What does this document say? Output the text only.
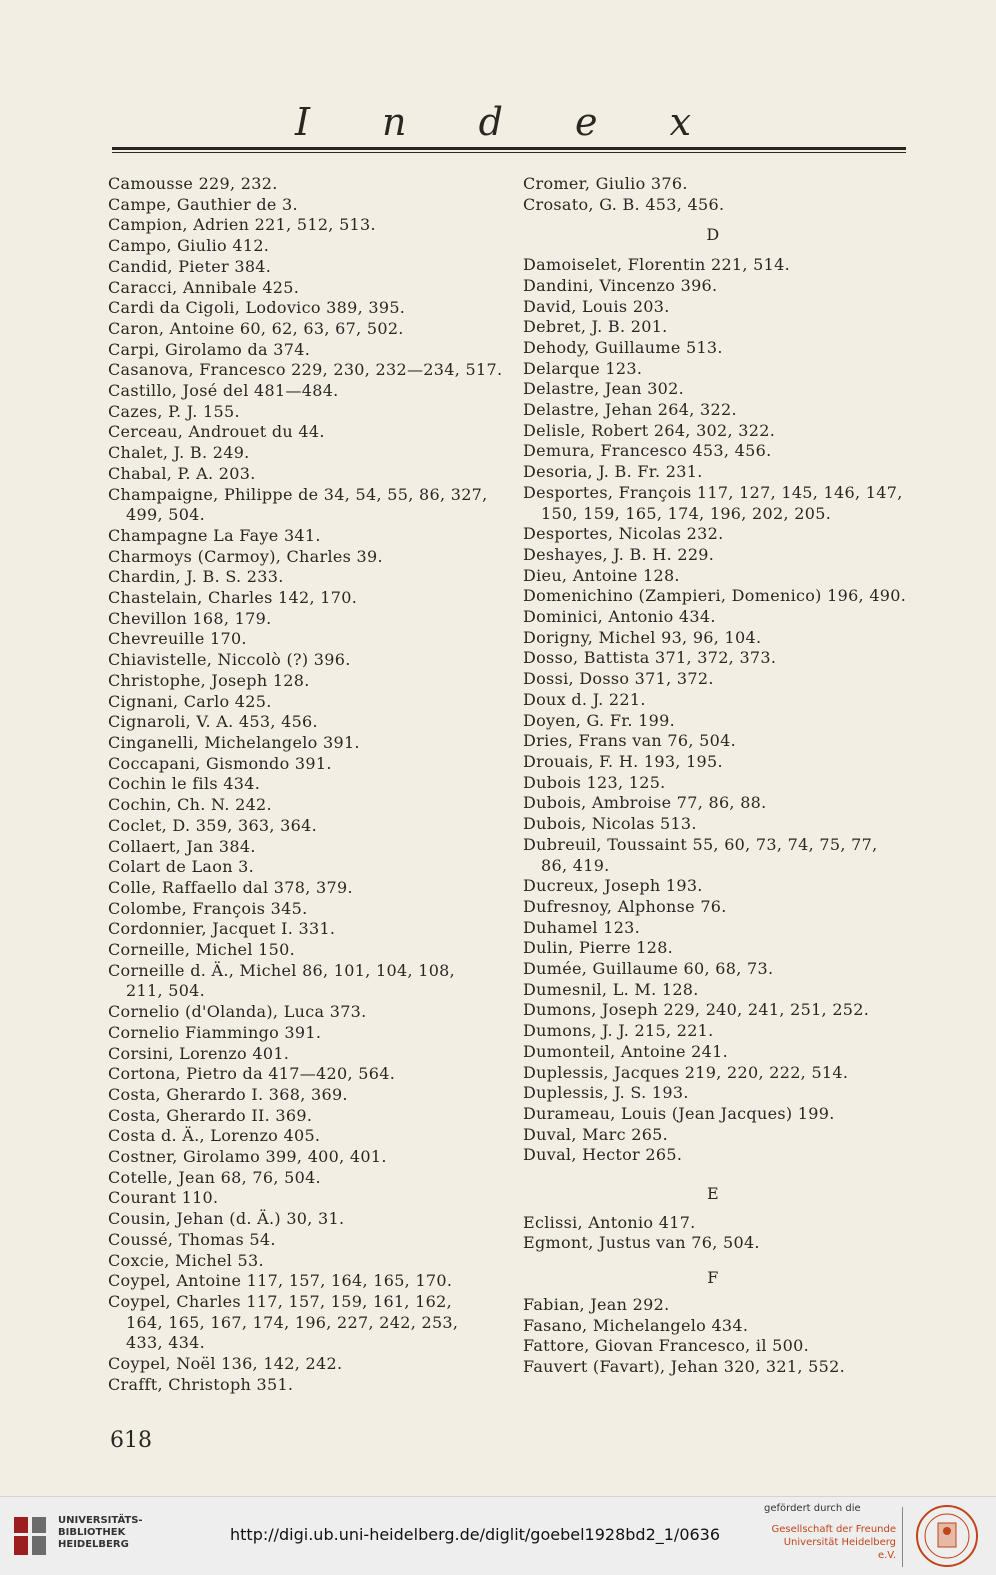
I n d e x
Camousse 229, 232.
Campe, Gauthier de 3.
Campion, Adrien 221, 512, 513.
Campo, Giulio 412.
Candid, Pieter 384.
Caracci, Annibale 425.
Cardi da Cigoli, Lodovico 389, 395.
Caron, Antoine 60, 62, 63, 67, 502.
Carpi, Girolamo da 374.
Casanova, Francesco 229, 230, 232—234, 517.
Castillo, José del 481—484.
Cazes, P. J. 155.
Cerceau, Androuet du 44.
Chalet, J. B. 249.
Chabal, P. A. 203.
Champaigne, Philippe de 34, 54, 55, 86, 327,
499, 504.
Champagne La Faye 341.
Charmoys (Carmoy), Charles 39.
Chardin, J. B. S. 233.
Chastelain, Charles 142, 170.
Chevillon 168, 179.
Chevreuille 170.
Chiavistelle, Niccolò (?) 396.
Christophe, Joseph 128.
Cignani, Carlo 425.
Cignaroli, V. A. 453, 456.
Cinganelli, Michelangelo 391.
Coccapani, Gismondo 391.
Cochin le fils 434.
Cochin, Ch. N. 242.
Coclet, D. 359, 363, 364.
Collaert, Jan 384.
Colart de Laon 3.
Colle, Raffaello dal 378, 379.
Colombe, François 345.
Cordonnier, Jacquet I. 331.
Corneille, Michel 150.
Corneille d. Ä., Michel 86, 101, 104, 108,
211, 504.
Cornelio (d'Olanda), Luca 373.
Cornelio Fiammingo 391.
Corsini, Lorenzo 401.
Cortona, Pietro da 417—420, 564.
Costa, Gherardo I. 368, 369.
Costa, Gherardo II. 369.
Costa d. Ä., Lorenzo 405.
Costner, Girolamo 399, 400, 401.
Cotelle, Jean 68, 76, 504.
Courant 110.
Cousin, Jehan (d. Ä.) 30, 31.
Coussé, Thomas 54.
Coxcie, Michel 53.
Coypel, Antoine 117, 157, 164, 165, 170.
Coypel, Charles 117, 157, 159, 161, 162,
164, 165, 167, 174, 196, 227, 242, 253,
433, 434.
Coypel, Noël 136, 142, 242.
Crafft, Christoph 351.
Cromer, Giulio 376.
Crosato, G. B. 453, 456.
D
Damoiselet, Florentin 221, 514.
Dandini, Vincenzo 396.
David, Louis 203.
Debret, J. B. 201.
Dehody, Guillaume 513.
Delarque 123.
Delastre, Jean 302.
Delastre, Jehan 264, 322.
Delisle, Robert 264, 302, 322.
Demura, Francesco 453, 456.
Desoria, J. B. Fr. 231.
Desportes, François 117, 127, 145, 146, 147,
150, 159, 165, 174, 196, 202, 205.
Desportes, Nicolas 232.
Deshayes, J. B. H. 229.
Dieu, Antoine 128.
Domenichino (Zampieri, Domenico) 196, 490.
Dominici, Antonio 434.
Dorigny, Michel 93, 96, 104.
Dosso, Battista 371, 372, 373.
Dossi, Dosso 371, 372.
Doux d. J. 221.
Doyen, G. Fr. 199.
Dries, Frans van 76, 504.
Drouais, F. H. 193, 195.
Dubois 123, 125.
Dubois, Ambroise 77, 86, 88.
Dubois, Nicolas 513.
Dubreuil, Toussaint 55, 60, 73, 74, 75, 77,
86, 419.
Ducreux, Joseph 193.
Dufresnoy, Alphonse 76.
Duhamel 123.
Dulin, Pierre 128.
Dumée, Guillaume 60, 68, 73.
Dumesnil, L. M. 128.
Dumons, Joseph 229, 240, 241, 251, 252.
Dumons, J. J. 215, 221.
Dumonteil, Antoine 241.
Duplessis, Jacques 219, 220, 222, 514.
Duplessis, J. S. 193.
Durameau, Louis (Jean Jacques) 199.
Duval, Marc 265.
Duval, Hector 265.
E
Eclissi, Antonio 417.
Egmont, Justus van 76, 504.
F
Fabian, Jean 292.
Fasano, Michelangelo 434.
Fattore, Giovan Francesco, il 500.
Fauvert (Favart), Jehan 320, 321, 552.
618
UNIVERSITÄTS-
BIBLIOTHEK
HEIDELBERG
http://digi.ub.uni-heidelberg.de/diglit/goebel1928bd2_1/0636
gefördert durch die
Gesellschaft der Freunde
Universität Heidelberg e.V.
